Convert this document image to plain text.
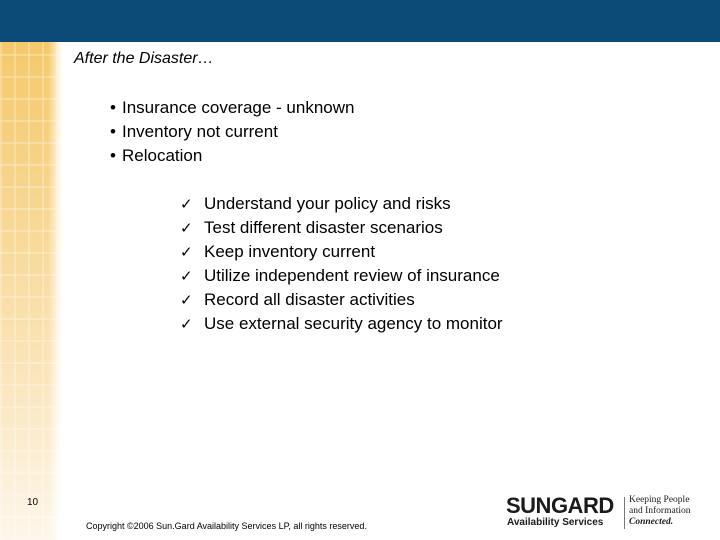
After the Disaster…
• Insurance coverage - unknown
• Inventory not current
• Relocation
✓ Understand your policy and risks
✓ Test different disaster scenarios
✓ Keep inventory current
✓ Utilize independent review of insurance
✓ Record all disaster activities
✓ Use external security agency to monitor
10
Copyright ©2006 Sun.Gard Availability Services LP, all rights reserved.
SUNGARD
Availability Services
Keeping People
and Information
Connected.
